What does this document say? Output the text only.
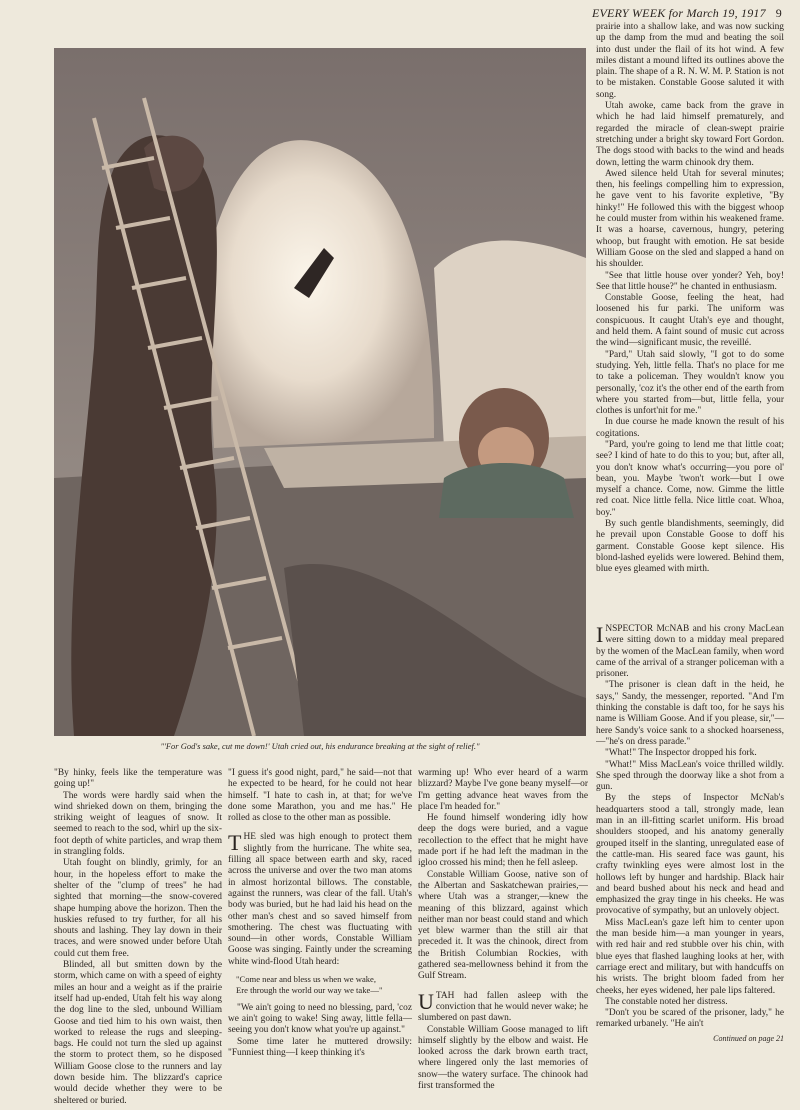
EVERY WEEK for March 19, 1917 9
"'For God's sake, cut me down!' Utah cried out, his endurance breaking at the sight of relief."

"By hinky, feels like the temperature was going up!"

The words were hardly said when the wind shrieked down on them, bringing the striking weight of leagues of snow. It seemed to reach to the sod, whirl up the six-foot depth of white particles, and wrap them in strangling folds.

Utah fought on blindly, grimly, for an hour, in the hopeless effort to make the shelter of the "clump of trees" he had sighted that morning—the snow-covered shape humping above the horizon. Then the huskies refused to try further, for all his shouts and lashing. They lay down in their traces, and were snowed under before Utah could cut them free.

Blinded, all but smitten down by the storm, which came on with a speed of eighty miles an hour and a weight as if the prairie itself had up-ended, Utah felt his way along the dog line to the sled, unbound William Goose and tied him to his own waist, then worked to release the rugs and sleeping-bags. He could not turn the sled up against the storm to protect them, so he disposed William Goose close to the runners and lay down beside him. The blizzard's caprice would decide whether they were to be sheltered or buried.

"I guess it's good night, pard," he said—not that he expected to be heard, for he could not hear himself. "I hate to cash in, at that; for we've done some Marathon, you and me has." He rolled as close to the other man as possible.

THE sled was high enough to protect them slightly from the hurricane. The white sea, filling all space between earth and sky, raced across the universe and over the two man atoms in almost horizontal billows. The constable, against the runners, was clear of the fall. Utah's body was buried, but he had laid his head on the other man's chest and so saved himself from smothering. The chest was fluctuating with sound—in other words, Constable William Goose was singing. Faintly under the screaming white wind-flood Utah heard:

"Come near and bless us when we wake,
Ere through the world our way we take—"

"We ain't going to need no blessing, pard, 'coz we ain't going to wake! Sing away, little fella—seeing you don't know what you're up against."

Some time later he muttered drowsily: "Funniest thing—I keep thinking it's

warming up! Who ever heard of a warm blizzard? Maybe I've gone beany myself—or I'm getting advance heat waves from the place I'm headed for."

He found himself wondering idly how deep the dogs were buried, and a vague recollection to the effect that he might have made port if he had left the madman in the igloo crossed his mind; then he fell asleep.

Constable William Goose, native son of the Albertan and Saskatchewan prairies,—where Utah was a stranger,—knew the meaning of this blizzard, against which neither man nor beast could stand and which yet blew warmer than the still air that preceded it. It was the chinook, direct from the British Columbian Rockies, with gathered sea-mellowness behind it from the Gulf Stream.

UTAH had fallen asleep with the conviction that he would never wake; he slumbered on past dawn.

Constable William Goose managed to lift himself slightly by the elbow and waist. He looked across the dark brown earth tract, where lingered only the last memories of snow—the watery surface. The chinook had first transformed the

prairie into a shallow lake, and was now sucking up the damp from the mud and beating the soil into dust under the flail of its hot wind. A few miles distant a mound lifted its outlines above the plain. The shape of a R. N. W. M. P. Station is not to be mistaken. Constable Goose saluted it with song.

Utah awoke, came back from the grave in which he had laid himself prematurely, and regarded the miracle of clean-swept prairie stretching under a bright sky toward Fort Gordon. The dogs stood with backs to the wind and heads down, letting the warm chinook dry them.

Awed silence held Utah for several minutes; then, his feelings compelling him to expression, he gave vent to his favorite expletive, "By hinky!" He followed this with the biggest whoop he could muster from within his weakened frame. It was a hoarse, cavernous, hungry, petering whoop, but fraught with emotion. He sat beside William Goose on the sled and slapped a hand on his shoulder.

"See that little house over yonder? Yeh, boy! See that little house?" he chanted in enthusiasm.

Constable Goose, feeling the heat, had loosened his fur parki. The uniform was conspicuous. It caught Utah's eye and thought, and held them. A faint sound of music cut across the wind—significant music, the reveillé.

"Pard," Utah said slowly, "I got to do some studying. Yeh, little fella. That's no place for me to take a policeman. They wouldn't know you personally, 'coz it's the other end of the earth from where you started from—but, little fella, your clothes is unfort'nit for me."

In due course he made known the result of his cogitations.

"Pard, you're going to lend me that little coat; see? I kind of hate to do this to you; but, after all, you don't know what's occurring—you pore ol' bean, you. Maybe 'twon't work—but I owe myself a chance. Come, now. Gimme the little red coat. Nice little fella. Nice little coat. Whoa, boy."

By such gentle blandishments, seemingly, did he prevail upon Constable Goose to doff his garment. Constable Goose kept silence. His blond-lashed eyelids were lowered. Behind them, blue eyes gleamed with mirth.

INSPECTOR McNAB and his crony MacLean were sitting down to a midday meal prepared by the women of the MacLean family, when word came of the arrival of a stranger policeman with a prisoner.

"The prisoner is clean daft in the heid, he says," Sandy, the messenger, reported. "And I'm thinking the constable is daft too, for he says his name is William Goose. And if you please, sir,"—here Sandy's voice sank to a shocked hoarseness,—"he's on dress parade."

"What!" The Inspector dropped his fork.

"What!" Miss MacLean's voice thrilled wildly. She sped through the doorway like a shot from a gun.

By the steps of Inspector McNab's headquarters stood a tall, strongly made, lean man in an ill-fitting scarlet uniform. His broad shoulders stooped, and his anatomy generally grouped itself in the slanting, unregulated ease of the cattle-man. His seared face was gaunt, his crafty twinkling eyes were almost lost in the hollows left by hunger and hardship. Black hair and beard bushed about his neck and head and emphasized the gray tinge in his cheeks. He was provocative of sympathy, but an unlovely object.

Miss MacLean's gaze left him to center upon the man beside him—a man younger in years, with red hair and red stubble over his chin, with blue eyes that flashed laughing looks at her, with carriage erect and military, but with handcuffs on his wrists. The bright bloom faded from her cheeks, her eyes widened, her pale lips faltered.

The constable noted her distress.

"Don't you be scared of the prisoner, lady," he remarked urbanely. "He ain't

Continued on page 21
